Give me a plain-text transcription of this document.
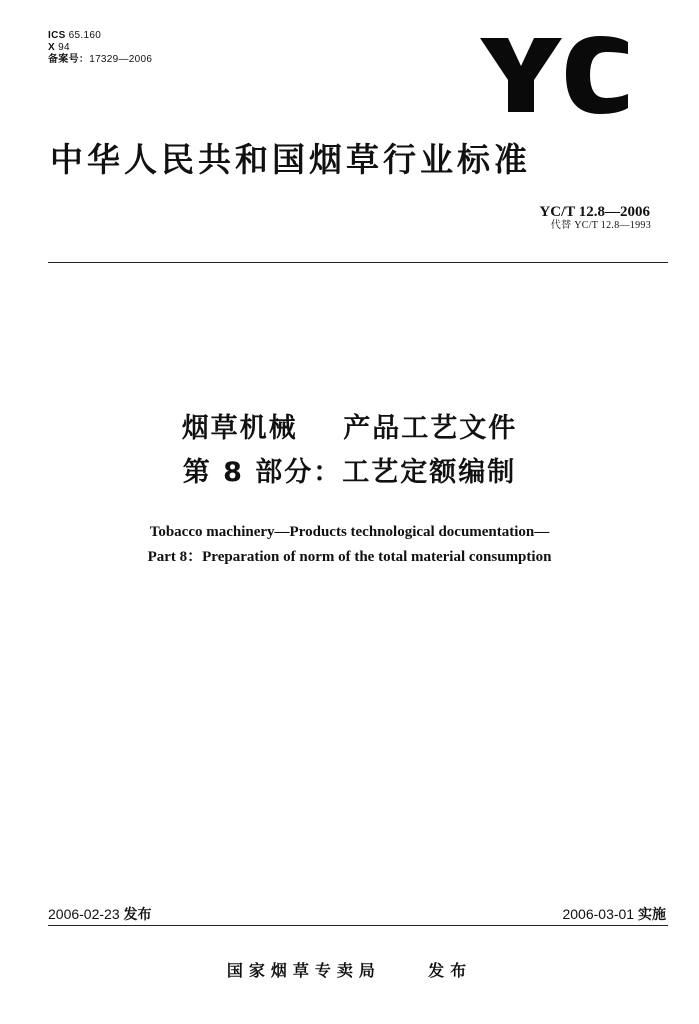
ICS 65.160
X 94
备案号：17329—2006
中华人民共和国烟草行业标准
YC/T 12.8—2006
代替 YC/T 12.8—1993
烟草机械    产品工艺文件
第 8 部分：工艺定额编制
Tobacco machinery—Products technological documentation—
Part 8：Preparation of norm of the total material consumption
2006-02-23 发布	2006-03-01 实施
国家烟草专卖局	发布
